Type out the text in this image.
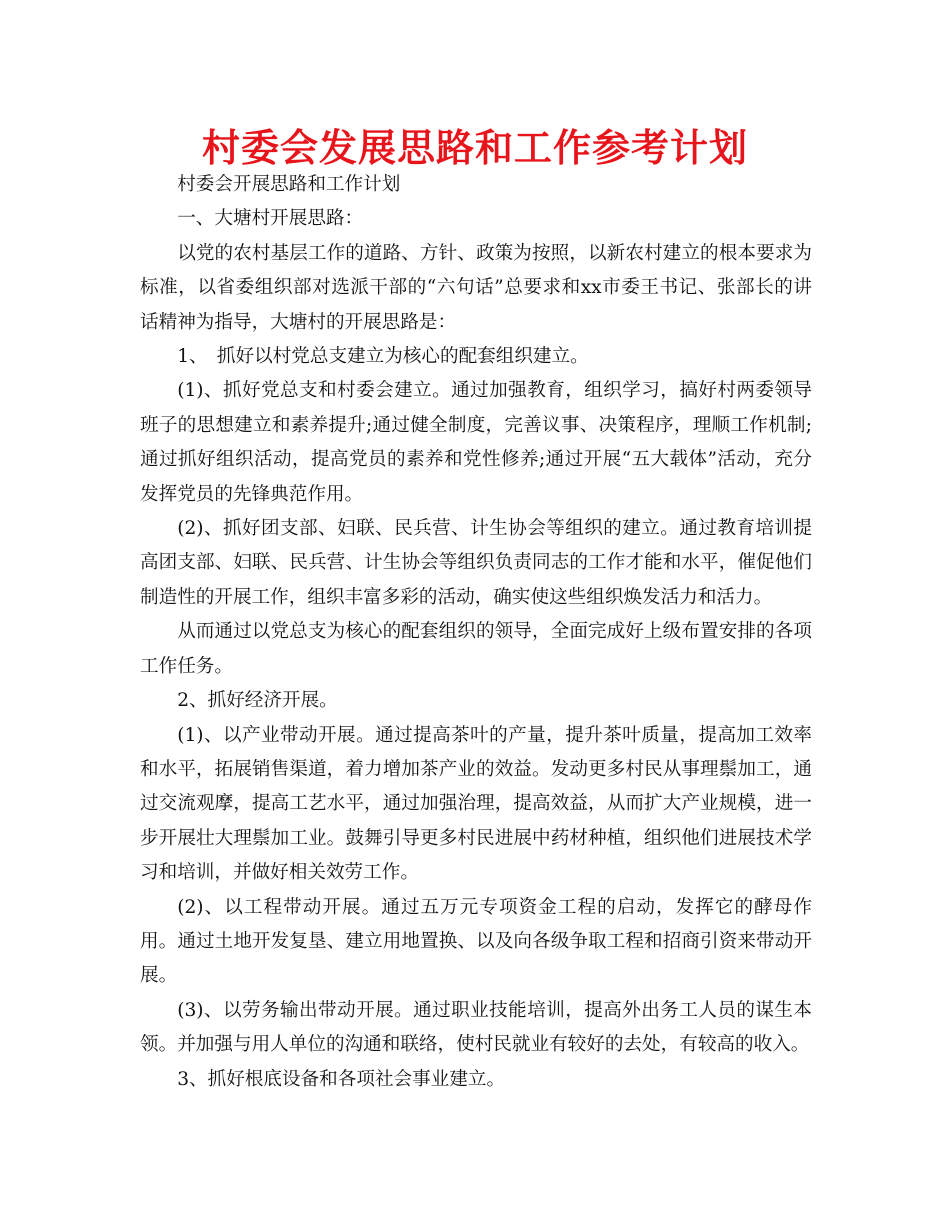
村委会发展思路和工作参考计划

村委会开展思路和工作计划

一、大塘村开展思路：

以党的农村基层工作的道路、方针、政策为按照，以新农村建立的根本要求为标准，以省委组织部对选派干部的“六句话”总要求和xx市委王书记、张部长的讲话精神为指导，大塘村的开展思路是：

1、　抓好以村党总支建立为核心的配套组织建立。

(1)、抓好党总支和村委会建立。通过加强教育，组织学习，搞好村两委领导班子的思想建立和素养提升;通过健全制度，完善议事、决策程序，理顺工作机制;通过抓好组织活动，提高党员的素养和党性修养;通过开展“五大载体”活动，充分发挥党员的先锋典范作用。

(2)、抓好团支部、妇联、民兵营、计生协会等组织的建立。通过教育培训提高团支部、妇联、民兵营、计生协会等组织负责同志的工作才能和水平，催促他们制造性的开展工作，组织丰富多彩的活动，确实使这些组织焕发活力和活力。

从而通过以党总支为核心的配套组织的领导，全面完成好上级布置安排的各项工作任务。

2、抓好经济开展。

(1)、以产业带动开展。通过提高茶叶的产量，提升茶叶质量，提高加工效率和水平，拓展销售渠道，着力增加茶产业的效益。发动更多村民从事理鬃加工，通过交流观摩，提高工艺水平，通过加强治理，提高效益，从而扩大产业规模，进一步开展壮大理鬃加工业。鼓舞引导更多村民进展中药材种植，组织他们进展技术学习和培训，并做好相关效劳工作。

(2)、以工程带动开展。通过五万元专项资金工程的启动，发挥它的酵母作用。通过土地开发复垦、建立用地置换、以及向各级争取工程和招商引资来带动开展。

(3)、以劳务输出带动开展。通过职业技能培训，提高外出务工人员的谋生本领。并加强与用人单位的沟通和联络，使村民就业有较好的去处，有较高的收入。

3、抓好根底设备和各项社会事业建立。
